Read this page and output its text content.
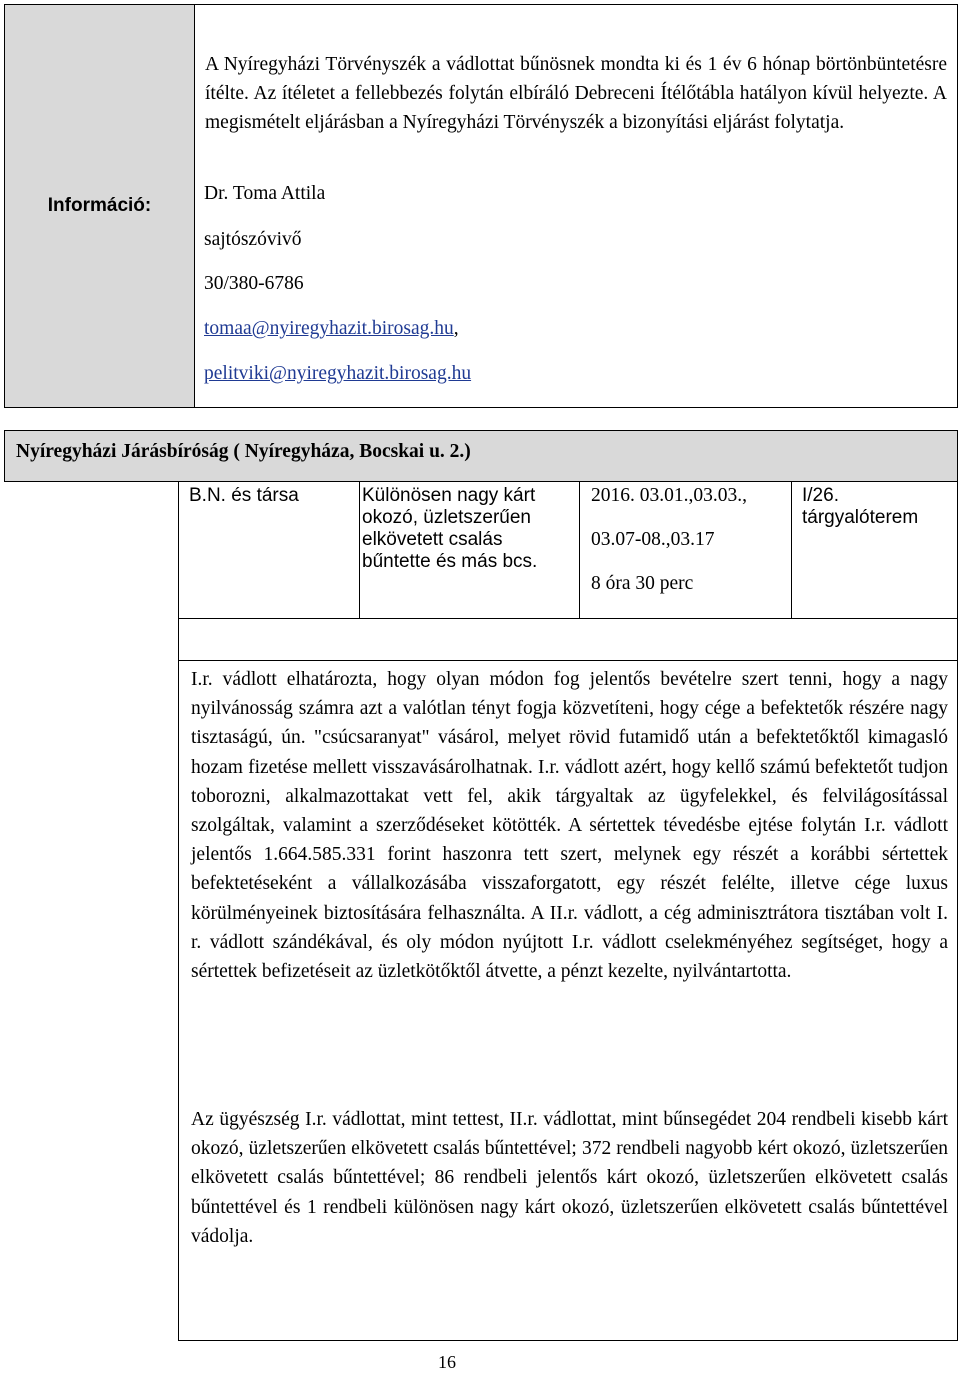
Információ:

A Nyíregyházi Törvényszék a vádlottat bűnösnek mondta ki és 1 év 6 hónap börtönbüntetésre ítélte. Az ítéletet a fellebbezés folytán elbíráló Debreceni Ítélőtábla hatályon kívül helyezte. A megismételt eljárásban a Nyíregyházi Törvényszék a bizonyítási eljárást folytatja.

Dr. Toma Attila

sajtószóvivő

30/380-6786

tomaa@nyiregyhazit.birosag.hu,

pelitviki@nyiregyhazit.birosag.hu

Nyíregyházi Járásbíróság ( Nyíregyháza, Bocskai u. 2.)

B.N. és társa	Különösen nagy kárt okozó, üzletszerűen elkövetett csalás bűntette és más bcs.

2016. 03.01.,03.03.,

03.07-08.,03.17

8 óra 30 perc

I/26. tárgyalóterem

I.r. vádlott elhatározta, hogy olyan módon fog jelentős bevételre szert tenni, hogy a nagy nyilvánosság számra azt a valótlan tényt fogja közvetíteni, hogy cége a befektetők részére nagy tisztaságú, ún. "csúcsaranyat" vásárol, melyet rövid futamidő után a befektetőktől kimagasló hozam fizetése mellett visszavásárolhatnak. I.r. vádlott azért, hogy kellő számú befektetőt tudjon toborozni, alkalmazottakat vett fel, akik tárgyaltak az ügyfelekkel, és felvilágosítással szolgáltak, valamint a szerződéseket kötötték. A sértettek tévedésbe ejtése folytán I.r. vádlott jelentős 1.664.585.331 forint haszonra tett szert, melynek egy részét a korábbi sértettek befektetéseként a vállalkozásába visszaforgatott, egy részét felélte, illetve cége luxus körülményeinek biztosítására felhasználta. A II.r. vádlott, a cég adminisztrátora tisztában volt I. r. vádlott szándékával, és oly módon nyújtott I.r. vádlott cselekményéhez segítséget, hogy a sértettek befizetéseit az üzletkötőktől átvette, a pénzt kezelte, nyilvántartotta.

Az ügyészség I.r. vádlottat, mint tettest, II.r. vádlottat, mint bűnsegédet 204 rendbeli kisebb kárt okozó, üzletszerűen elkövetett csalás bűntettével; 372 rendbeli nagyobb kért okozó, üzletszerűen elkövetett csalás bűntettével; 86 rendbeli jelentős kárt okozó, üzletszerűen elkövetett csalás bűntettével és 1 rendbeli különösen nagy kárt okozó, üzletszerűen elkövetett csalás bűntettével vádolja.

16
